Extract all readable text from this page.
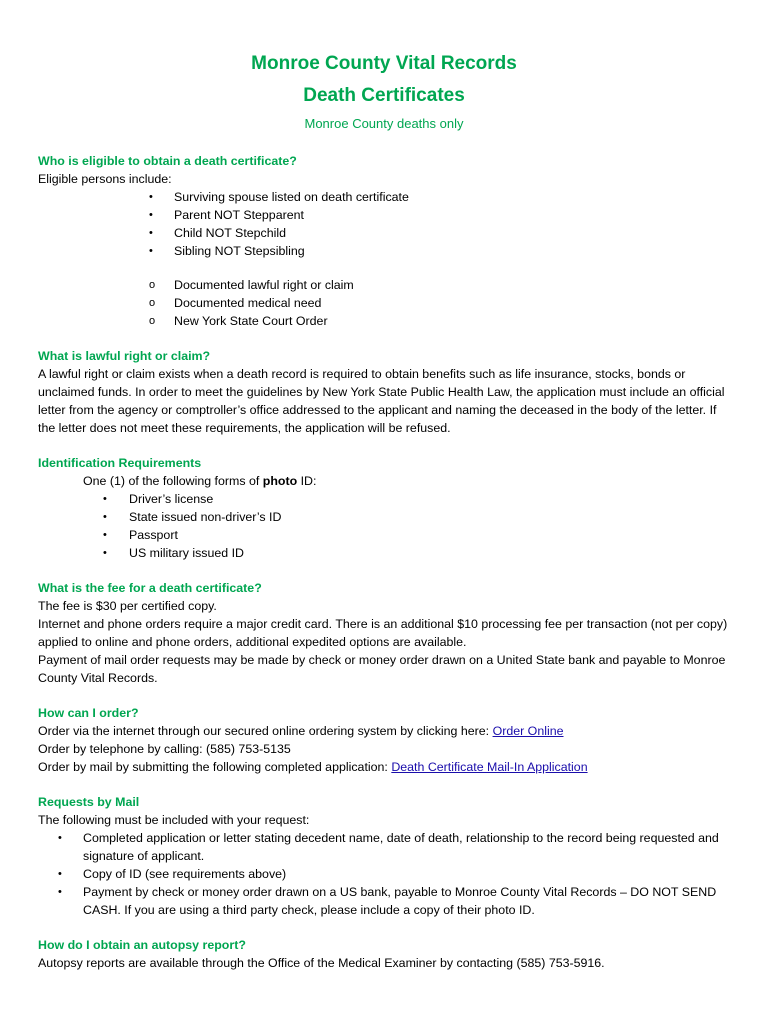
Monroe County Vital Records
Death Certificates
Monroe County deaths only
Who is eligible to obtain a death certificate?

Eligible persons include:

• Surviving spouse listed on death certificate
• Parent NOT Stepparent
• Child NOT Stepchild
• Sibling NOT Stepsibling
o Documented lawful right or claim
o Documented medical need
o New York State Court Order
What is lawful right or claim?

A lawful right or claim exists when a death record is required to obtain benefits such as life insurance, stocks, bonds or unclaimed funds. In order to meet the guidelines by New York State Public Health Law, the application must include an official letter from the agency or comptroller’s office addressed to the applicant and naming the deceased in the body of the letter. If the letter does not meet these requirements, the application will be refused.

Identification Requirements

One (1) of the following forms of photo ID:

• Driver’s license
• State issued non-driver’s ID
• Passport
• US military issued ID
What is the fee for a death certificate?

The fee is $30 per certified copy.

Internet and phone orders require a major credit card. There is an additional $10 processing fee per transaction (not per copy) applied to online and phone orders, additional expedited options are available.

Payment of mail order requests may be made by check or money order drawn on a United State bank and payable to Monroe County Vital Records.

How can I order?

Order via the internet through our secured online ordering system by clicking here: Order Online

Order by telephone by calling: (585) 753-5135

Order by mail by submitting the following completed application: Death Certificate Mail-In Application

Requests by Mail

The following must be included with your request:

• Completed application or letter stating decedent name, date of death, relationship to the record being requested and signature of applicant.
• Copy of ID (see requirements above)
• Payment by check or money order drawn on a US bank, payable to Monroe County Vital Records – DO NOT SEND CASH. If you are using a third party check, please include a copy of their photo ID.
How do I obtain an autopsy report?

Autopsy reports are available through the Office of the Medical Examiner by contacting (585) 753-5916.
